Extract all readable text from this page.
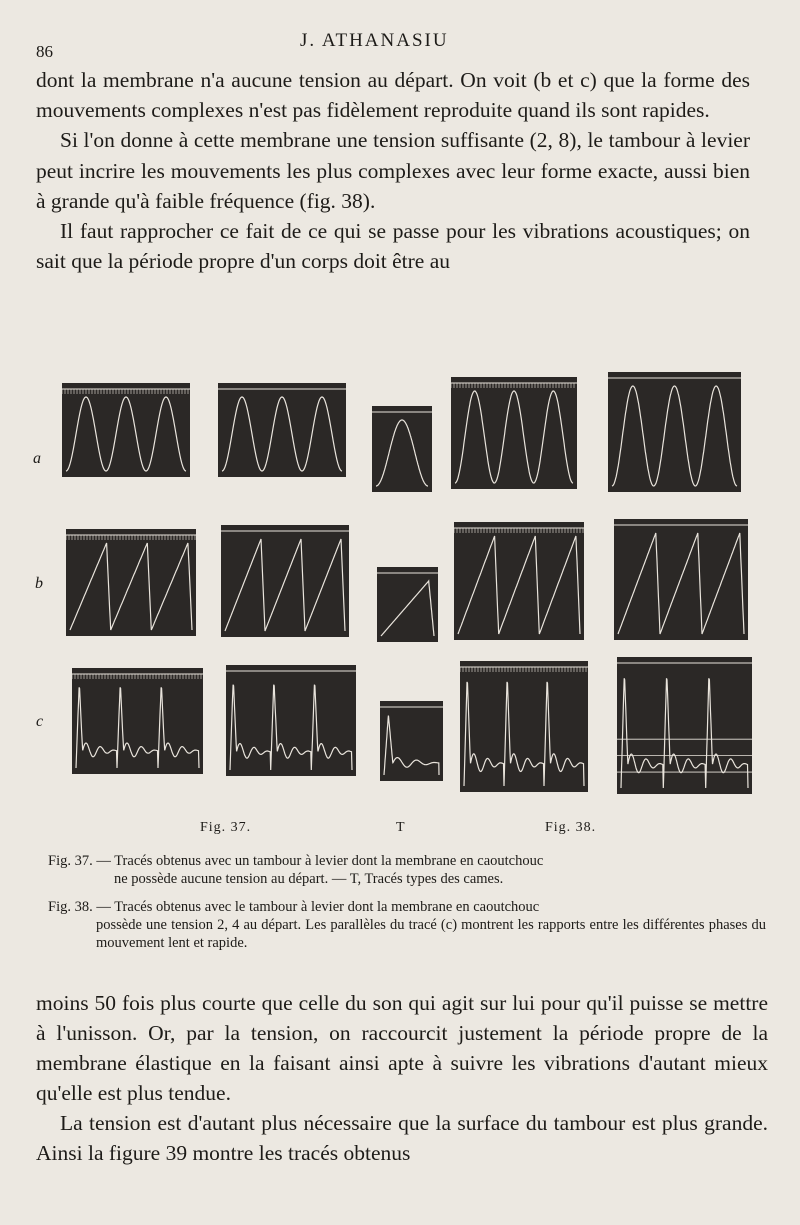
86
J. ATHANASIU

dont la membrane n'a aucune tension au départ. On voit (b et c) que la forme des mouvements complexes n'est pas fidèlement reproduite quand ils sont rapides.

Si l'on donne à cette membrane une tension suffisante (2, 8), le tambour à levier peut incrire les mouvements les plus complexes avec leur forme exacte, aussi bien à grande qu'à faible fréquence (fig. 38).

Il faut rapprocher ce fait de ce qui se passe pour les vibrations acoustiques; on sait que la période propre d'un corps doit être au

a
b
c
Fig. 37.	T	Fig. 38.
Fig. 37. — Tracés obtenus avec un tambour à levier dont la membrane en caoutchouc
ne possède aucune tension au départ. — T, Tracés types des cames.
Fig. 38. — Tracés obtenus avec le tambour à levier dont la membrane en caoutchouc
possède une tension 2, 4 au départ. Les parallèles du tracé (c) montrent les rapports entre les différentes phases du mouvement lent et rapide.

moins 50 fois plus courte que celle du son qui agit sur lui pour qu'il puisse se mettre à l'unisson. Or, par la tension, on raccourcit justement la période propre de la membrane élastique en la faisant ainsi apte à suivre les vibrations d'autant mieux qu'elle est plus tendue.

La tension est d'autant plus nécessaire que la surface du tambour est plus grande. Ainsi la figure 39 montre les tracés obtenus
